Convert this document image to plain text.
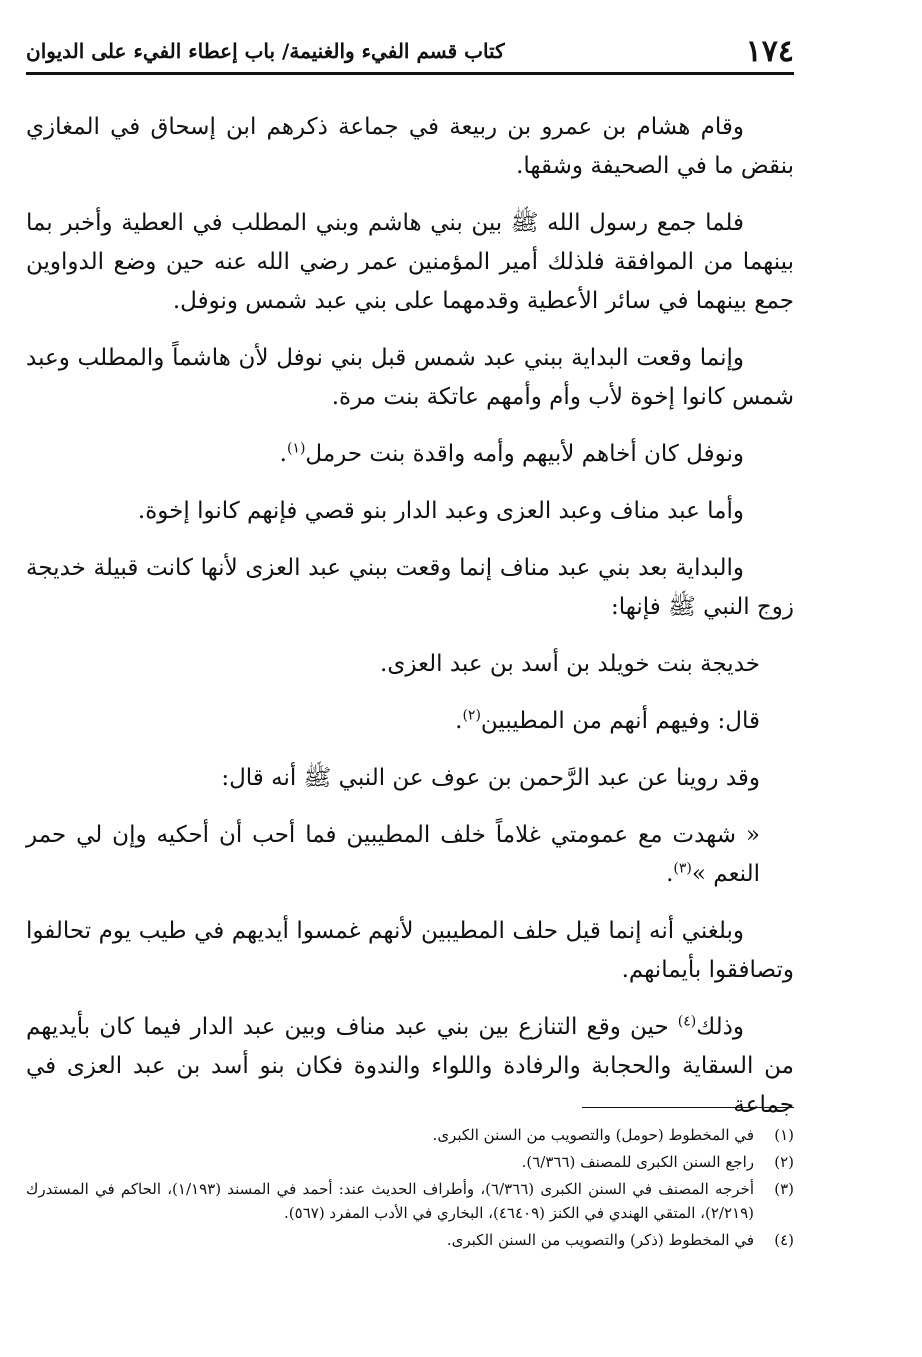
١٧٤
كتاب قسم الفيء والغنيمة/ باب إعطاء الفيء على الديوان

وقام هشام بن عمرو بن ربيعة في جماعة ذكرهم ابن إسحاق في المغازي بنقض ما في الصحيفة وشقها.

فلما جمع رسول الله ﷺ بين بني هاشم وبني المطلب في العطية وأخبر بما بينهما من الموافقة فلذلك أمير المؤمنين عمر رضي الله عنه حين وضع الدواوين جمع بينهما في سائر الأعطية وقدمهما على بني عبد شمس ونوفل.

وإنما وقعت البداية ببني عبد شمس قبل بني نوفل لأن هاشماً والمطلب وعبد شمس كانوا إخوة لأب وأم وأمهم عاتكة بنت مرة.

ونوفل كان أخاهم لأبيهم وأمه واقدة بنت حرمل$^{(١)}$.

وأما عبد مناف وعبد العزى وعبد الدار بنو قصي فإنهم كانوا إخوة.

والبداية بعد بني عبد مناف إنما وقعت ببني عبد العزى لأنها كانت قبيلة خديجة زوج النبي ﷺ فإنها:

خديجة بنت خويلد بن أسد بن عبد العزى.

قال: وفيهم أنهم من المطيبين$^{(٢)}$.

وقد روينا عن عبد الرَّحمن بن عوف عن النبي ﷺ أنه قال:

« شهدت مع عمومتي غلاماً خلف المطيبين فما أحب أن أحكيه وإن لي حمر النعم »$^{(٣)}$.

وبلغني أنه إنما قيل حلف المطيبين لأنهم غمسوا أيديهم في طيب يوم تحالفوا وتصافقوا بأيمانهم.

وذلك$^{(٤)}$ حين وقع التنازع بين بني عبد مناف وبين عبد الدار فيما كان بأيديهم من السقاية والحجابة والرفادة واللواء والندوة فكان بنو أسد بن عبد العزى في جماعة

(١)
في المخطوط (حومل) والتصويب من السنن الكبرى.
(٢)
راجع السنن الكبرى للمصنف (٦/٣٦٦).
(٣)
أخرجه المصنف في السنن الكبرى (٦/٣٦٦)، وأطراف الحديث عند: أحمد في المسند (١/١٩٣)، الحاكم في المستدرك (٢/٢١٩)، المتقي الهندي في الكنز (٤٦٤٠٩)، البخاري في الأدب المفرد (٥٦٧).
(٤)
في المخطوط (ذكر) والتصويب من السنن الكبرى.
